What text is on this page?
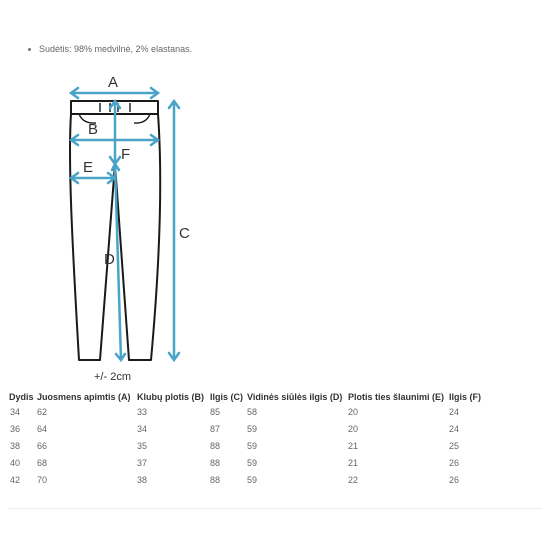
Sudėtis: 98% medvilnė, 2% elastanas.
A
B
C
D
E
F
+/- 2cm
Dydis	Juosmens apimtis (A)	Klubų plotis (B)	Ilgis (C)	Vidinės siūlės ilgis (D)	Plotis ties šlaunimi (E)	Ilgis (F)
34	62	33	85	58	20	24
36	64	34	87	59	20	24
38	66	35	88	59	21	25
40	68	37	88	59	21	26
42	70	38	88	59	22	26
